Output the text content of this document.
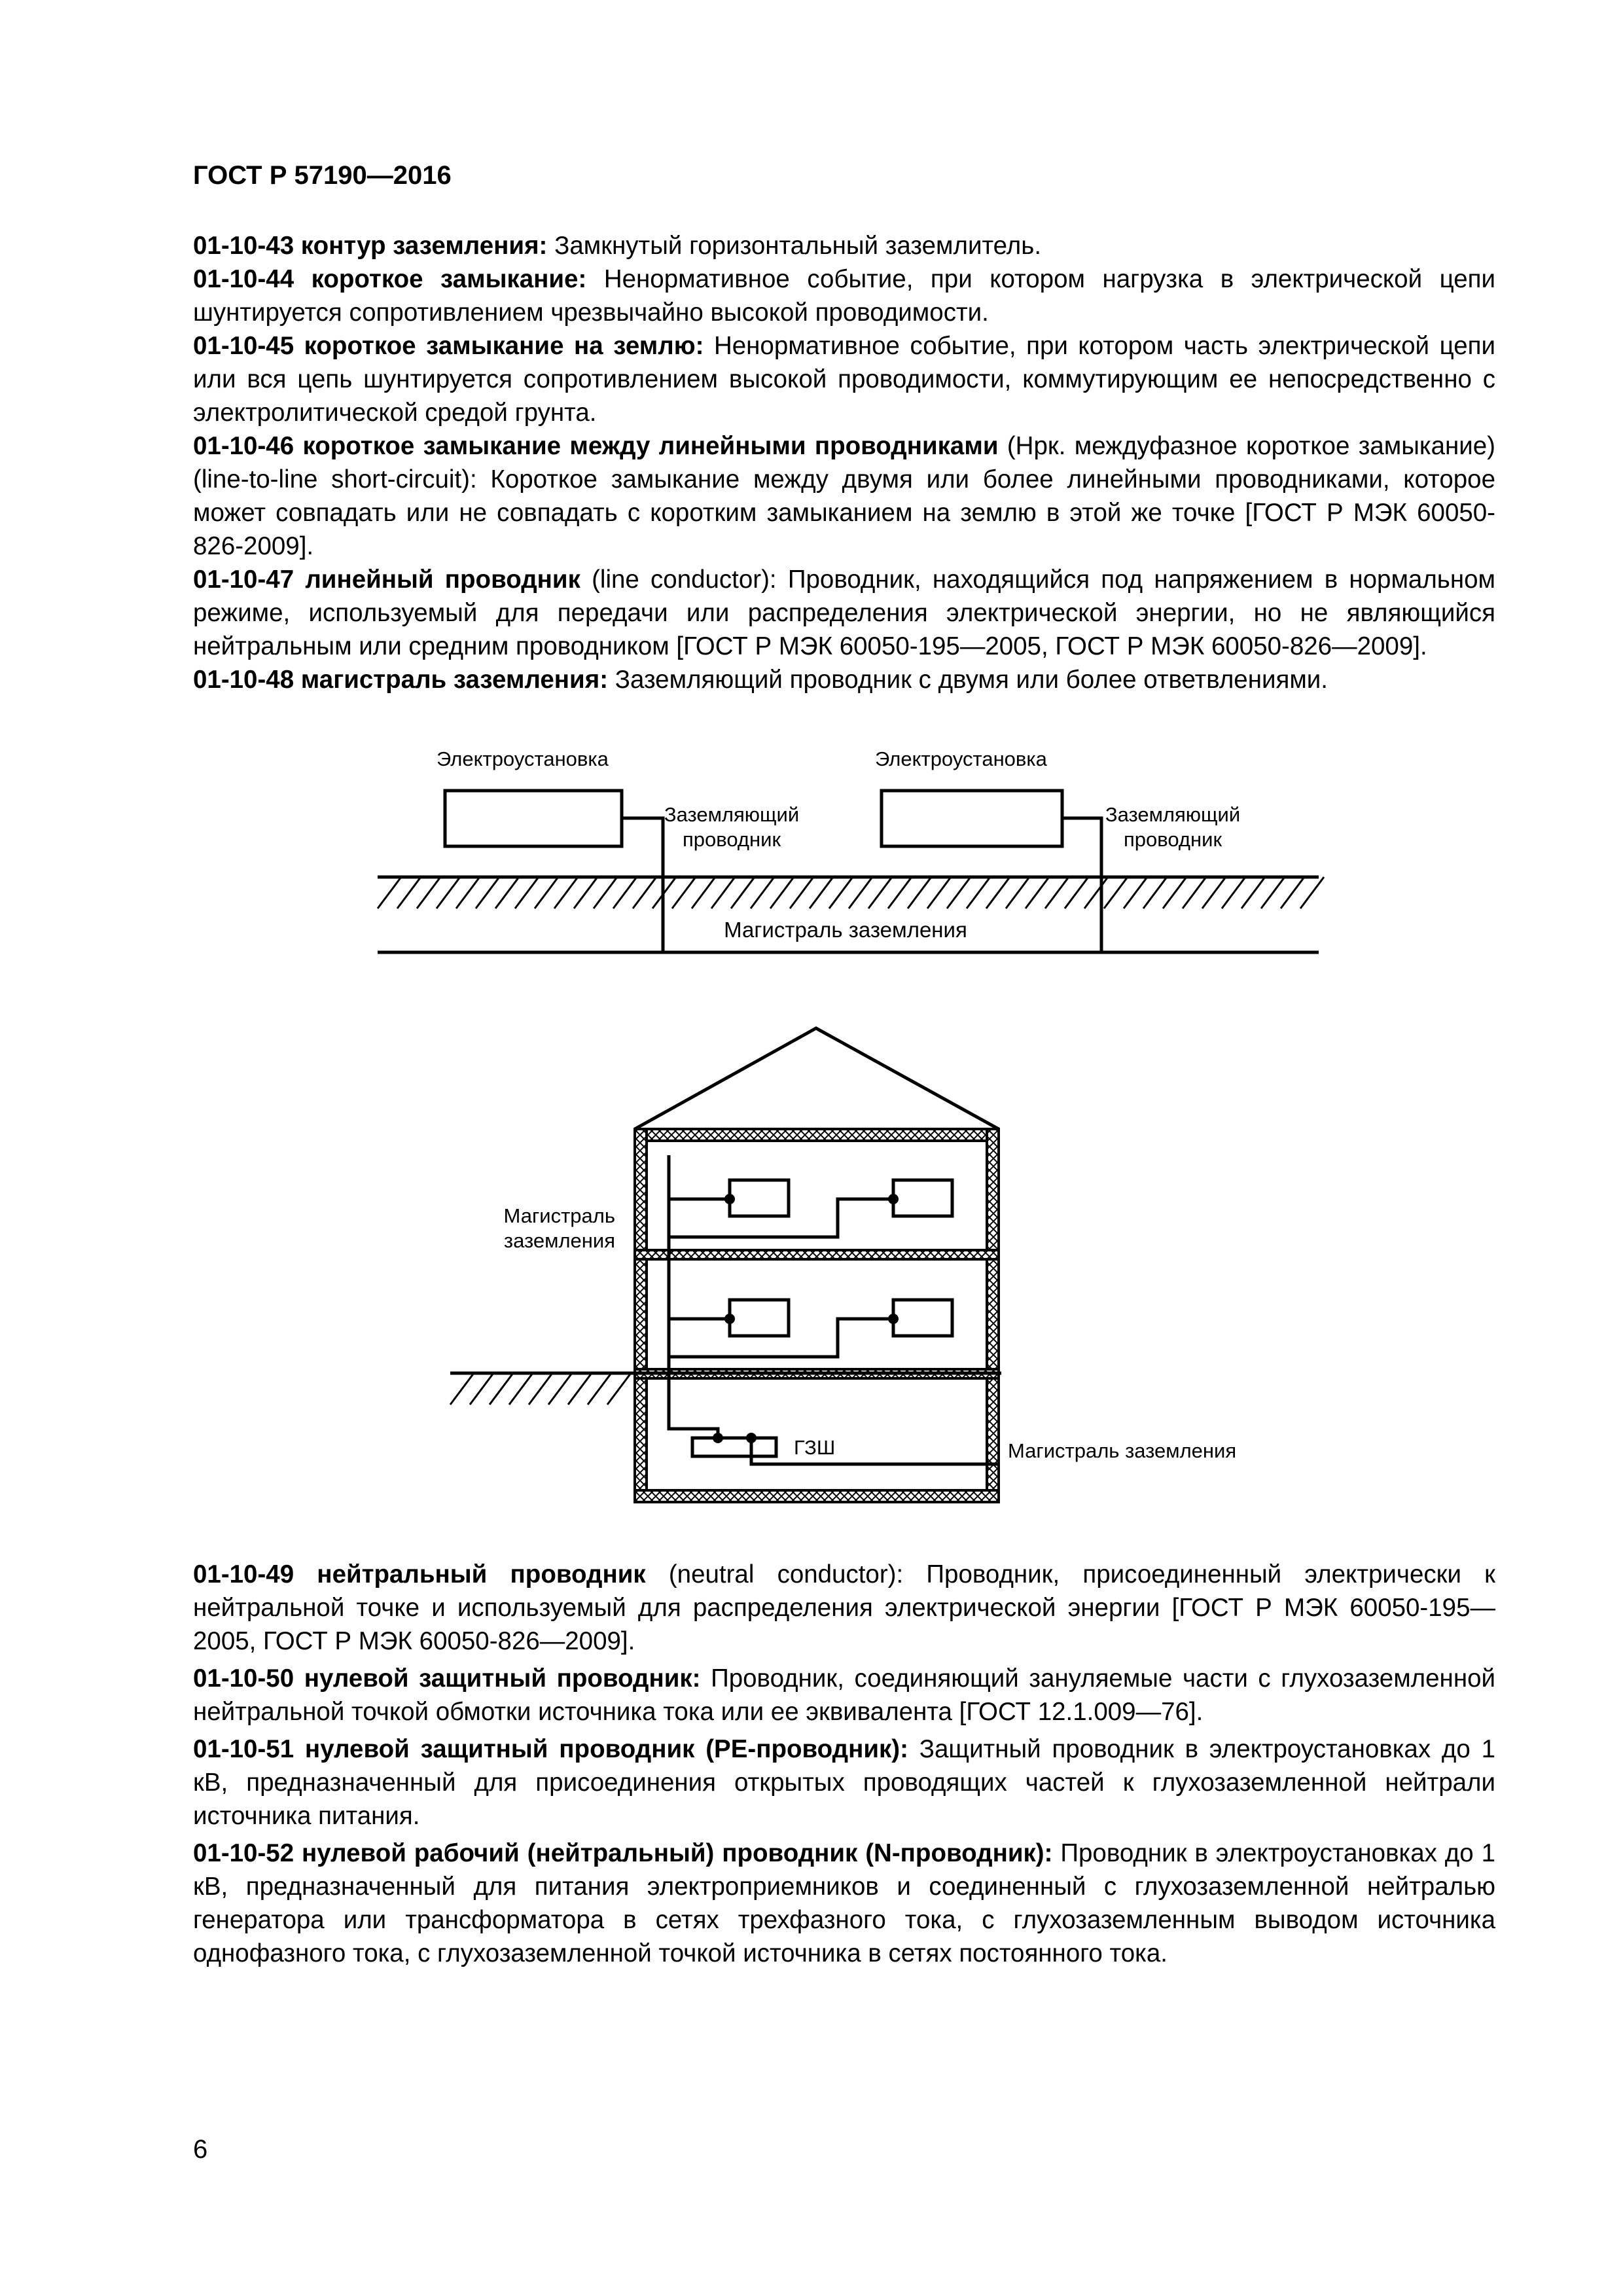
ГОСТ Р 57190—2016

01-10-43 контур заземления: Замкнутый горизонтальный заземлитель.

01-10-44 короткое замыкание: Ненормативное событие, при котором нагрузка в электрической цепи шунтируется сопротивлением чрезвычайно высокой проводимости.

01-10-45 короткое замыкание на землю: Ненормативное событие, при котором часть электрической цепи или вся цепь шунтируется сопротивлением высокой проводимости, коммутирующим ее непосредственно с электролитической средой грунта.

01-10-46 короткое замыкание между линейными проводниками (Нрк. междуфазное короткое замыкание) (line-to-line short-circuit): Короткое замыкание между двумя или более линейными проводниками, которое может совпадать или не совпадать с коротким замыканием на землю в этой же точке [ГОСТ Р МЭК 60050-826-2009].

01-10-47 линейный проводник (line conductor): Проводник, находящийся под напряжением в нормальном режиме, используемый для передачи или распределения электрической энергии, но не являющийся нейтральным или средним проводником [ГОСТ Р МЭК 60050-195—2005, ГОСТ Р МЭК 60050-826—2009].

01-10-48 магистраль заземления: Заземляющий проводник с двумя или более ответвлениями.

Электроустановка	Электроустановка
Заземляющий
проводник
Заземляющий
проводник
Магистраль заземления
Магистраль
заземления
ГЗШ	Магистраль заземления

01-10-49 нейтральный проводник (neutral conductor): Проводник, присоединенный электрически к нейтральной точке и используемый для распределения электрической энергии [ГОСТ Р МЭК 60050-195—2005, ГОСТ Р МЭК 60050-826—2009].

01-10-50 нулевой защитный проводник: Проводник, соединяющий зануляемые части с глухозаземленной нейтральной точкой обмотки источника тока или ее эквивалента [ГОСТ 12.1.009—76].

01-10-51 нулевой защитный проводник (PE-проводник): Защитный проводник в электроустановках до 1 кВ, предназначенный для присоединения открытых проводящих частей к глухозаземленной нейтрали источника питания.

01-10-52 нулевой рабочий (нейтральный) проводник (N-проводник): Проводник в электроустановках до 1 кВ, предназначенный для питания электроприемников и соединенный с глухозаземленной нейтралью генератора или трансформатора в сетях трехфазного тока, с глухозаземленным выводом источника однофазного тока, с глухозаземленной точкой источника в сетях постоянного тока.

6
